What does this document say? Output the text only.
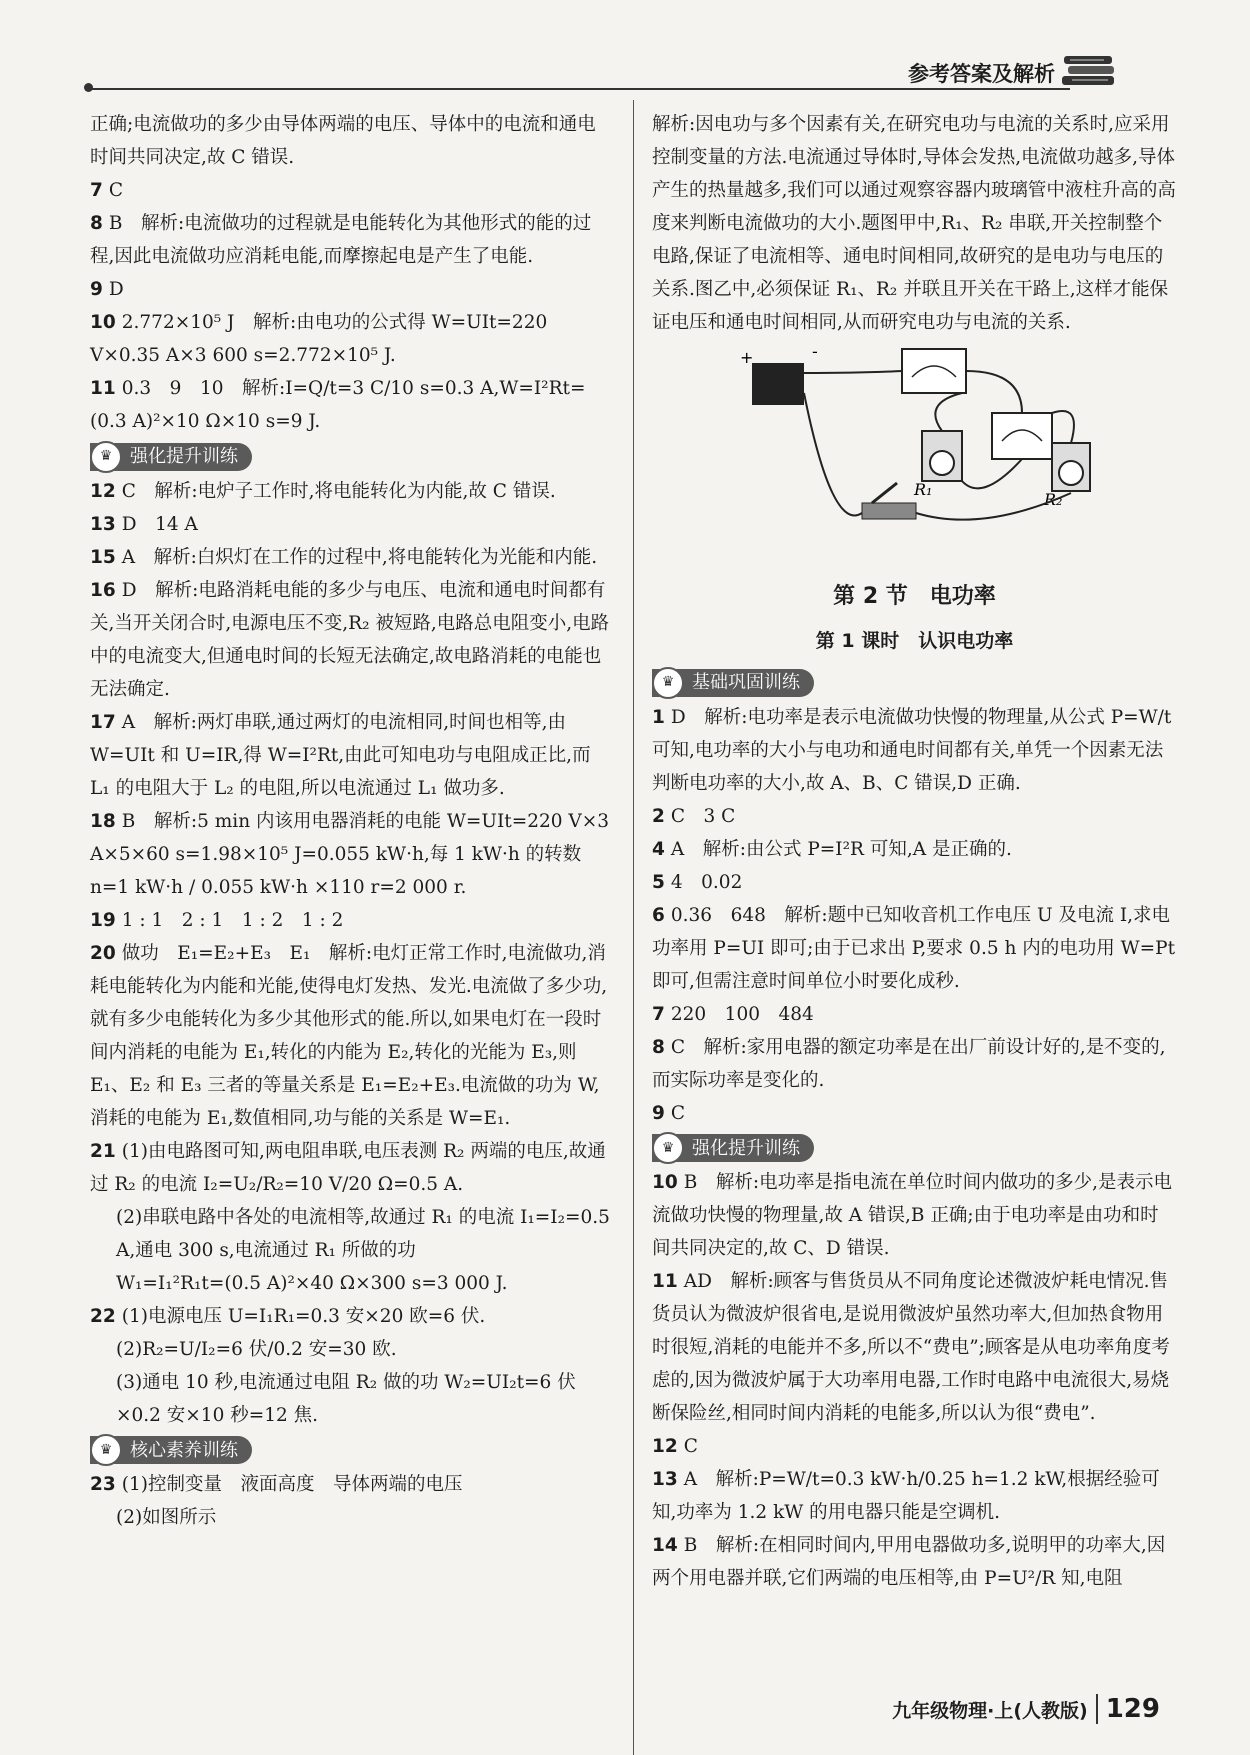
参考答案及解析

正确;电流做功的多少由导体两端的电压、导体中的电流和通电时间共同决定,故 C 错误.

7 C

8 B　解析:电流做功的过程就是电能转化为其他形式的能的过程,因此电流做功应消耗电能,而摩擦起电是产生了电能.

9 D

10 2.772×10⁵ J　解析:由电功的公式得 W=UIt=220 V×0.35 A×3 600 s=2.772×10⁵ J.

11 0.3　9　10　解析:I=Q/t=3 C/10 s=0.3 A,W=I²Rt=(0.3 A)²×10 Ω×10 s=9 J.

♛ 强化提升训练

12 C　解析:电炉子工作时,将电能转化为内能,故 C 错误.

13 D　14 A

15 A　解析:白炽灯在工作的过程中,将电能转化为光能和内能.

16 D　解析:电路消耗电能的多少与电压、电流和通电时间都有关,当开关闭合时,电源电压不变,R₂ 被短路,电路总电阻变小,电路中的电流变大,但通电时间的长短无法确定,故电路消耗的电能也无法确定.

17 A　解析:两灯串联,通过两灯的电流相同,时间也相等,由 W=UIt 和 U=IR,得 W=I²Rt,由此可知电功与电阻成正比,而 L₁ 的电阻大于 L₂ 的电阻,所以电流通过 L₁ 做功多.

18 B　解析:5 min 内该用电器消耗的电能 W=UIt=220 V×3 A×5×60 s=1.98×10⁵ J=0.055 kW·h,每 1 kW·h 的转数 n=1 kW·h / 0.055 kW·h ×110 r=2 000 r.

19 1 : 1　2 : 1　1 : 2　1 : 2

20 做功　E₁=E₂+E₃　E₁　解析:电灯正常工作时,电流做功,消耗电能转化为内能和光能,使得电灯发热、发光.电流做了多少功,就有多少电能转化为多少其他形式的能.所以,如果电灯在一段时间内消耗的电能为 E₁,转化的内能为 E₂,转化的光能为 E₃,则 E₁、E₂ 和 E₃ 三者的等量关系是 E₁=E₂+E₃.电流做的功为 W,消耗的电能为 E₁,数值相同,功与能的关系是 W=E₁.

21 (1)由电路图可知,两电阻串联,电压表测 R₂ 两端的电压,故通过 R₂ 的电流 I₂=U₂/R₂=10 V/20 Ω=0.5 A.

(2)串联电路中各处的电流相等,故通过 R₁ 的电流 I₁=I₂=0.5 A,通电 300 s,电流通过 R₁ 所做的功

W₁=I₁²R₁t=(0.5 A)²×40 Ω×300 s=3 000 J.

22 (1)电源电压 U=I₁R₁=0.3 安×20 欧=6 伏.

(2)R₂=U/I₂=6 伏/0.2 安=30 欧.

(3)通电 10 秒,电流通过电阻 R₂ 做的功 W₂=UI₂t=6 伏×0.2 安×10 秒=12 焦.

♛ 核心素养训练

23 (1)控制变量　液面高度　导体两端的电压

(2)如图所示

解析:因电功与多个因素有关,在研究电功与电流的关系时,应采用控制变量的方法.电流通过导体时,导体会发热,电流做功越多,导体产生的热量越多,我们可以通过观察容器内玻璃管中液柱升高的高度来判断电流做功的大小.题图甲中,R₁、R₂ 串联,开关控制整个电路,保证了电流相等、通电时间相同,故研究的是电功与电压的关系.图乙中,必须保证 R₁、R₂ 并联且开关在干路上,这样才能保证电压和通电时间相同,从而研究电功与电流的关系.

+	-
R₁
R₂
第 2 节　电功率
第 1 课时　认识电功率
♛ 基础巩固训练

1 D　解析:电功率是表示电流做功快慢的物理量,从公式 P=W/t 可知,电功率的大小与电功和通电时间都有关,单凭一个因素无法判断电功率的大小,故 A、B、C 错误,D 正确.

2 C　3 C

4 A　解析:由公式 P=I²R 可知,A 是正确的.

5 4　0.02

6 0.36　648　解析:题中已知收音机工作电压 U 及电流 I,求电功率用 P=UI 即可;由于已求出 P,要求 0.5 h 内的电功用 W=Pt 即可,但需注意时间单位小时要化成秒.

7 220　100　484

8 C　解析:家用电器的额定功率是在出厂前设计好的,是不变的,而实际功率是变化的.

9 C

♛ 强化提升训练

10 B　解析:电功率是指电流在单位时间内做功的多少,是表示电流做功快慢的物理量,故 A 错误,B 正确;由于电功率是由功和时间共同决定的,故 C、D 错误.

11 AD　解析:顾客与售货员从不同角度论述微波炉耗电情况.售货员认为微波炉很省电,是说用微波炉虽然功率大,但加热食物用时很短,消耗的电能并不多,所以不“费电”;顾客是从电功率角度考虑的,因为微波炉属于大功率用电器,工作时电路中电流很大,易烧断保险丝,相同时间内消耗的电能多,所以认为很“费电”.

12 C

13 A　解析:P=W/t=0.3 kW·h/0.25 h=1.2 kW,根据经验可知,功率为 1.2 kW 的用电器只能是空调机.

14 B　解析:在相同时间内,甲用电器做功多,说明甲的功率大,因两个用电器并联,它们两端的电压相等,由 P=U²/R 知,电阻

九年级物理·上(人教版) 129
